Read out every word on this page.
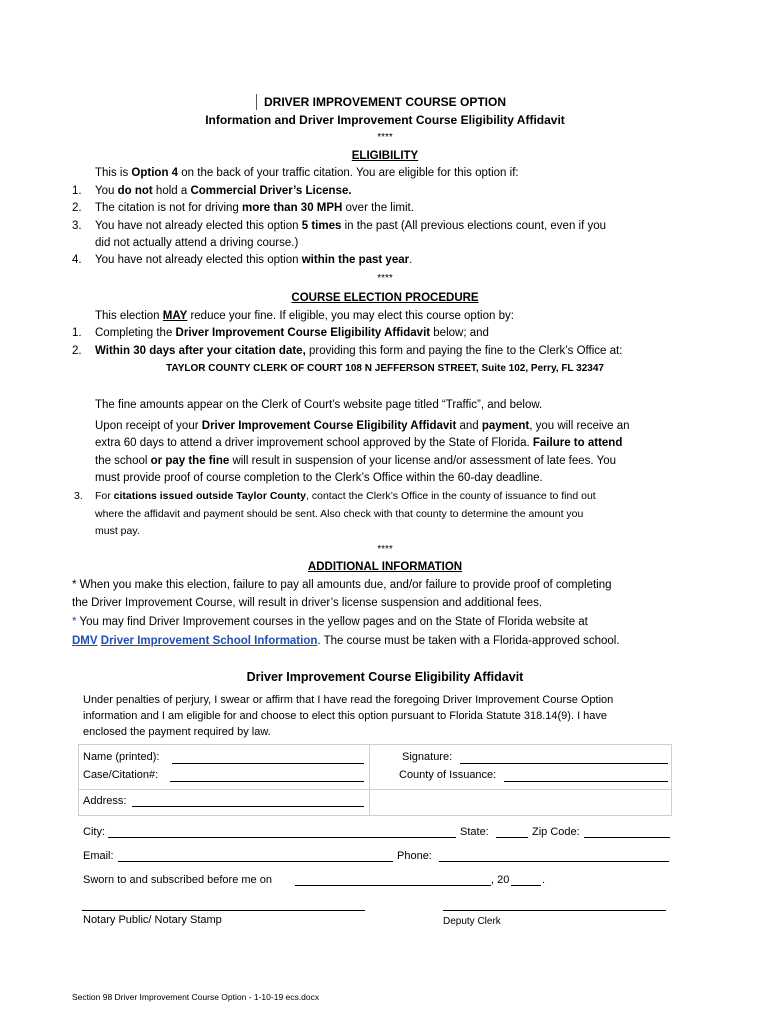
DRIVER IMPROVEMENT COURSE OPTION
Information and Driver Improvement Course Eligibility Affidavit
****
ELIGIBILITY
This is Option 4 on the back of your traffic citation. You are eligible for this option if:
1. You do not hold a Commercial Driver’s License.
2. The citation is not for driving more than 30 MPH over the limit.
3. You have not already elected this option 5 times in the past (All previous elections count, even if you
did not actually attend a driving course.)
4. You have not already elected this option within the past year.
****
COURSE ELECTION PROCEDURE
This election MAY reduce your fine. If eligible, you may elect this course option by:
1. Completing the Driver Improvement Course Eligibility Affidavit below; and
2. Within 30 days after your citation date, providing this form and paying the fine to the Clerk’s Office at:
TAYLOR COUNTY CLERK OF COURT 108 N JEFFERSON STREET, Suite 102, Perry, FL 32347
The fine amounts appear on the Clerk of Court’s website page titled “Traffic”, and below.
Upon receipt of your Driver Improvement Course Eligibility Affidavit and payment, you will receive an
extra 60 days to attend a driver improvement school approved by the State of Florida. Failure to attend
the school or pay the fine will result in suspension of your license and/or assessment of late fees. You
must provide proof of course completion to the Clerk’s Office within the 60-day deadline.
3. For citations issued outside Taylor County, contact the Clerk’s Office in the county of issuance to find out
where the affidavit and payment should be sent. Also check with that county to determine the amount you
must pay.
****
ADDITIONAL INFORMATION
* When you make this election, failure to pay all amounts due, and/or failure to provide proof of completing
the Driver Improvement Course, will result in driver’s license suspension and additional fees.
* You may find Driver Improvement courses in the yellow pages and on the State of Florida website at
DMV Driver Improvement School Information. The course must be taken with a Florida-approved school.
Driver Improvement Course Eligibility Affidavit
Under penalties of perjury, I swear or affirm that I have read the foregoing Driver Improvement Course Option
information and I am eligible for and choose to elect this option pursuant to Florida Statute 318.14(9). I have
enclosed the payment required by law.
Name (printed):
Case/Citation#:
Signature:
County of Issuance:
Address:
City:	State:	Zip Code:
Email:	Phone:
Sworn to and subscribed before me on	, 20	.
Notary Public/ Notary Stamp	Deputy Clerk
Section 98 Driver Improvement Course Option - 1-10-19 ecs.docx
